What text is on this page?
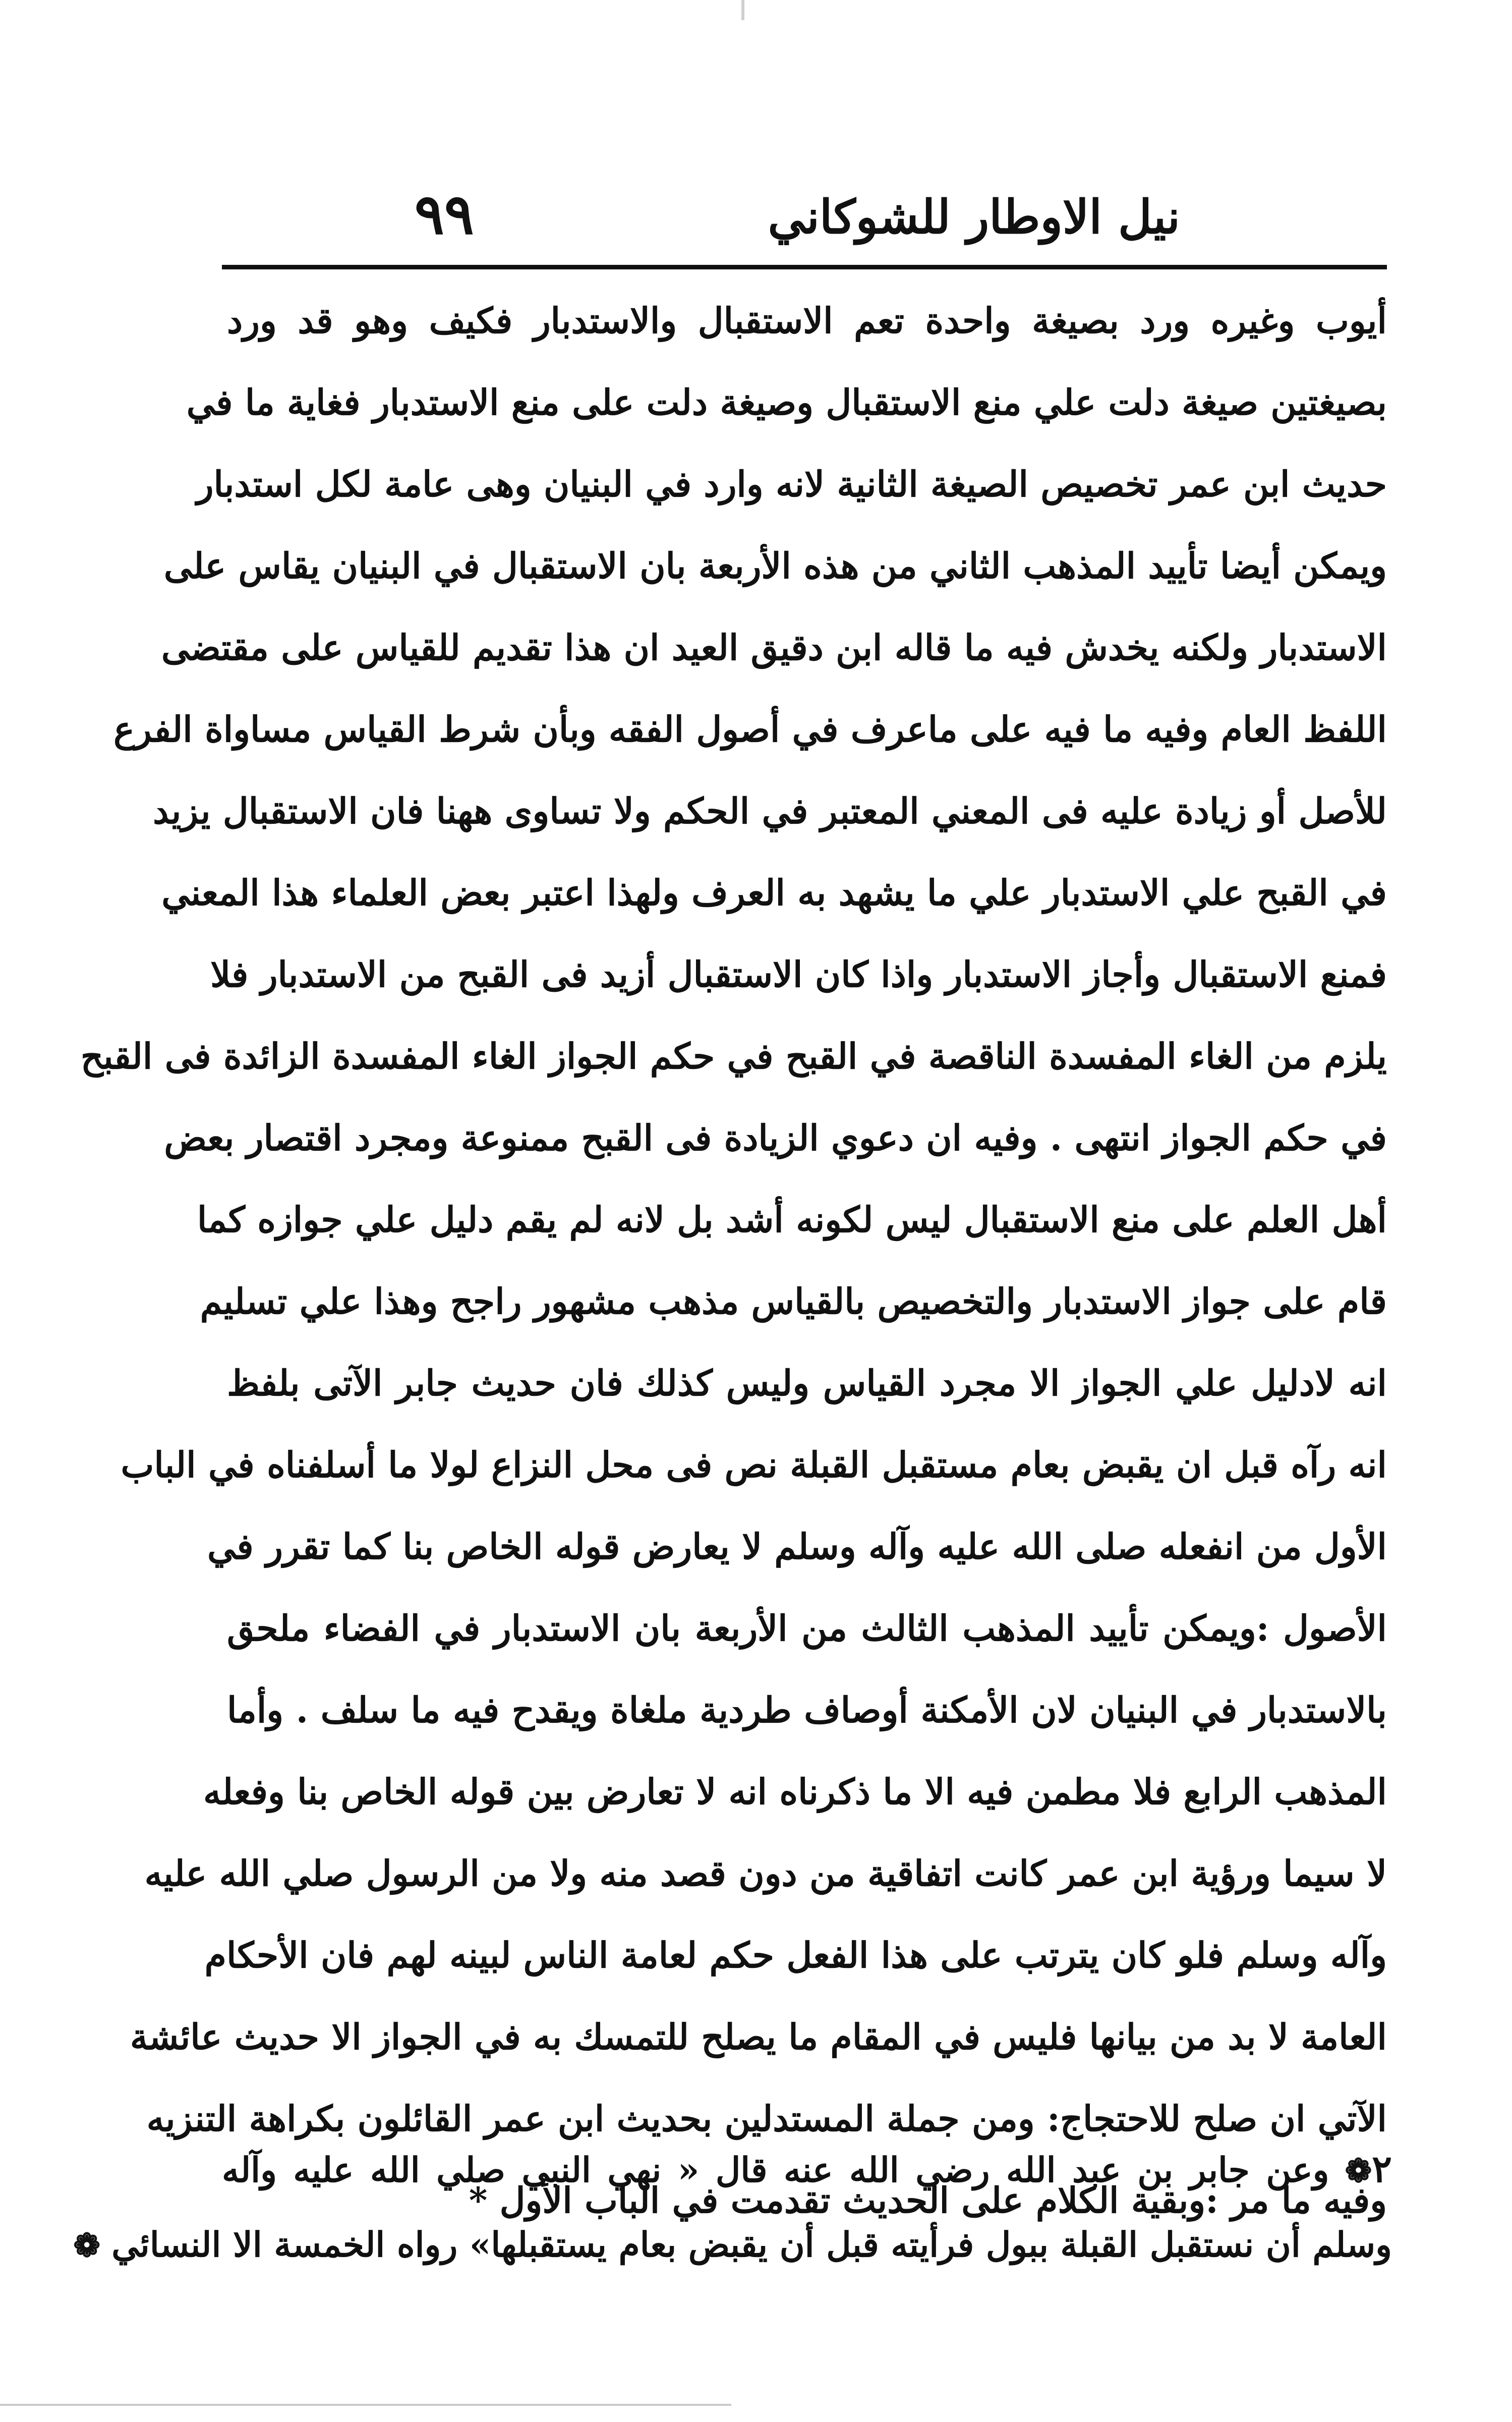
٩٩	نيل الاوطار للشوكاني
أيوب وغيره ورد بصيغة واحدة تعم الاستقبال والاستدبار فكيف وهو قد ورد
بصيغتين صيغة دلت علي منع الاستقبال وصيغة دلت على منع الاستدبار فغاية ما في
حديث ابن عمر تخصيص الصيغة الثانية لانه وارد في البنيان وهى عامة لكل استدبار
ويمكن أيضا تأييد المذهب الثاني من هذه الأربعة بان الاستقبال في البنيان يقاس على
الاستدبار ولكنه يخدش فيه ما قاله ابن دقيق العيد ان هذا تقديم للقياس على مقتضى
اللفظ العام وفيه ما فيه على ماعرف في أصول الفقه وبأن شرط القياس مساواة الفرع
للأصل أو زيادة عليه فى المعني المعتبر في الحكم ولا تساوى ههنا فان الاستقبال يزيد
في القبح علي الاستدبار علي ما يشهد به العرف ولهذا اعتبر بعض العلماء هذا المعني
فمنع الاستقبال وأجاز الاستدبار واذا كان الاستقبال أزيد فى القبح من الاستدبار فلا
يلزم من الغاء المفسدة الناقصة في القبح في حكم الجواز الغاء المفسدة الزائدة فى القبح
في حكم الجواز انتهى . وفيه ان دعوي الزيادة فى القبح ممنوعة ومجرد اقتصار بعض
أهل العلم على منع الاستقبال ليس لكونه أشد بل لانه لم يقم دليل علي جوازه كما
قام على جواز الاستدبار والتخصيص بالقياس مذهب مشهور راجح وهذا علي تسليم
انه لادليل علي الجواز الا مجرد القياس وليس كذلك فان حديث جابر الآتى بلفظ
انه رآه قبل ان يقبض بعام مستقبل القبلة نص فى محل النزاع لولا ما أسلفناه في الباب
الأول من انفعله صلى الله عليه وآله وسلم لا يعارض قوله الخاص بنا كما تقرر في
الأصول :ويمكن تأييد المذهب الثالث من الأربعة بان الاستدبار في الفضاء ملحق
بالاستدبار في البنيان لان الأمكنة أوصاف طردية ملغاة ويقدح فيه ما سلف . وأما
المذهب الرابع فلا مطمن فيه الا ما ذكرناه انه لا تعارض بين قوله الخاص بنا وفعله
لا سيما ورؤية ابن عمر كانت اتفاقية من دون قصد منه ولا من الرسول صلي الله عليه
وآله وسلم فلو كان يترتب على هذا الفعل حكم لعامة الناس لبينه لهم فان الأحكام
العامة لا بد من بيانها فليس في المقام ما يصلح للتمسك به في الجواز الا حديث عائشة
الآتي ان صلح للاحتجاج: ومن جملة المستدلين بحديث ابن عمر القائلون بكراهة التنزيه
وفيه ما مر :وبقية الكلام على الحديث تقدمت في الباب الأول *
٢❁ وعن جابر بن عبد الله رضي الله عنه قال « نهي النبي صلي الله عليه وآله
وسلم أن نستقبل القبلة ببول فرأيته قبل أن يقبض بعام يستقبلها» رواه الخمسة الا النسائي ❁
